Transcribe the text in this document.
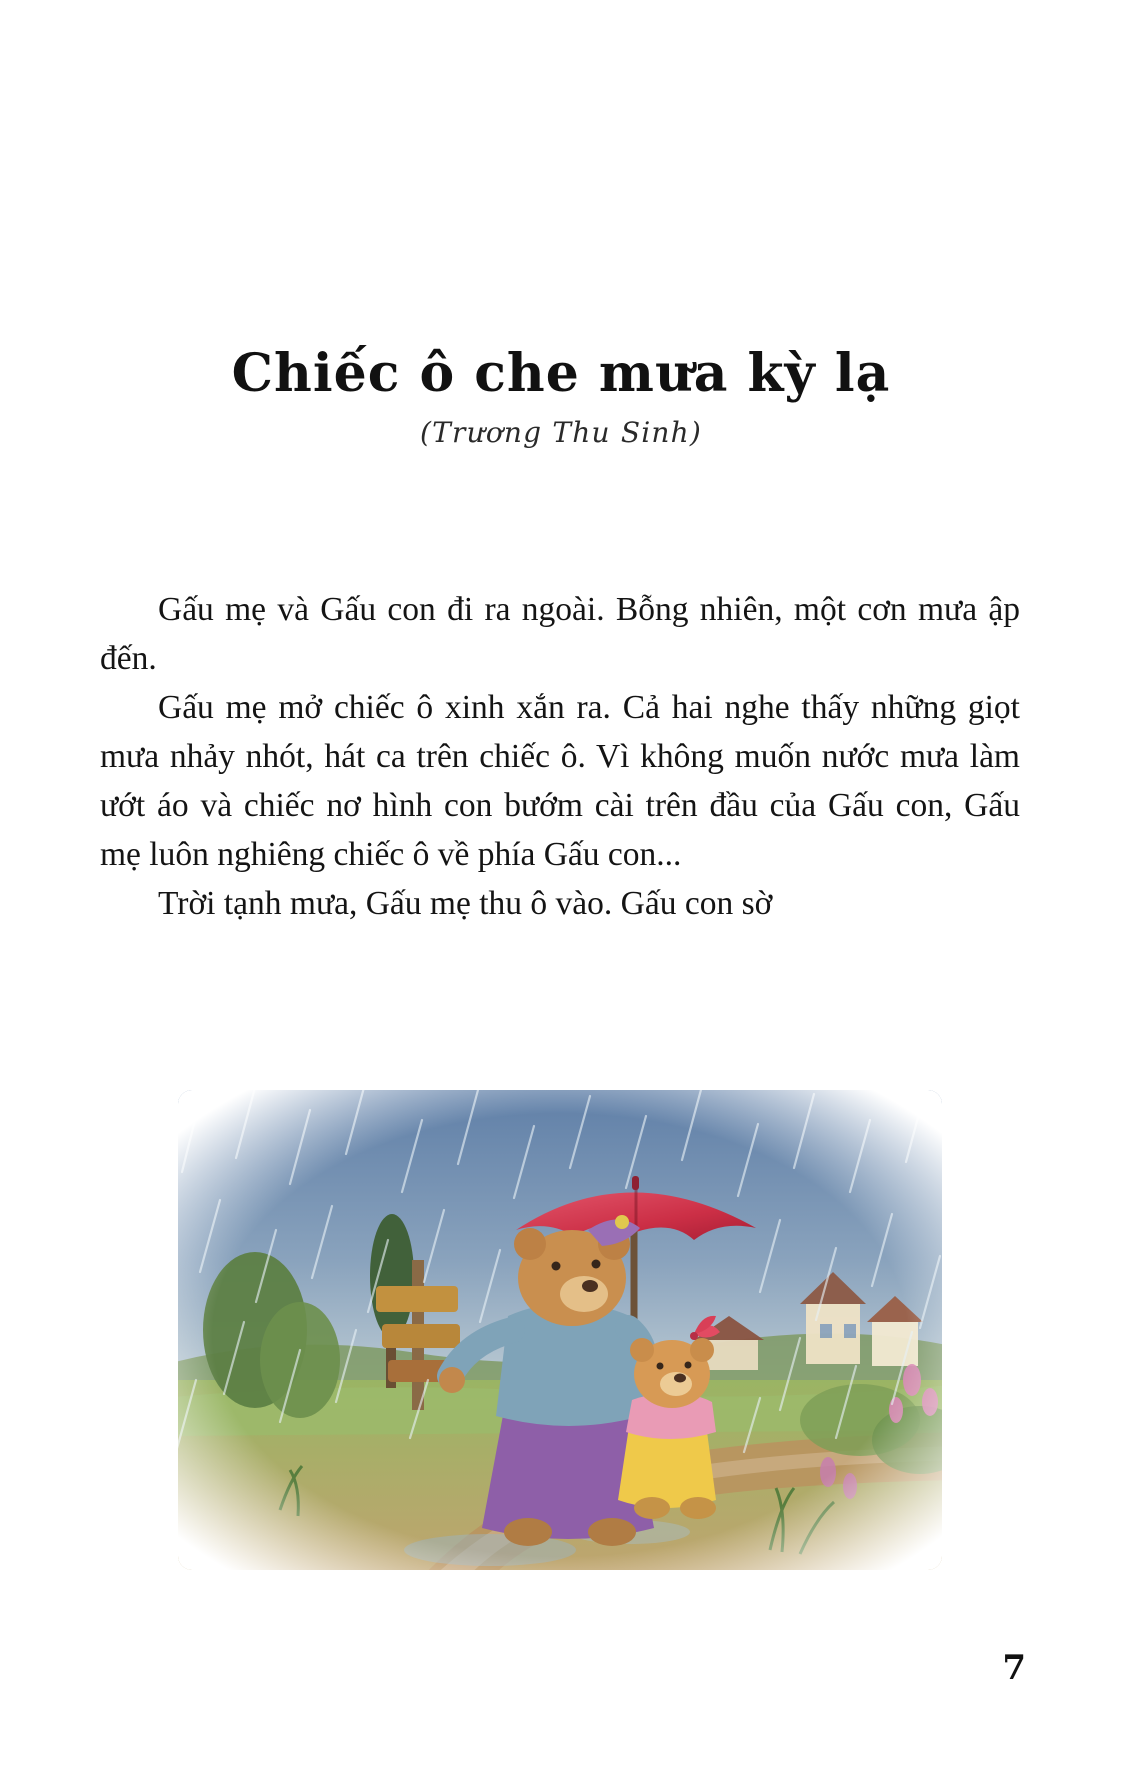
Chiếc ô che mưa kỳ lạ
(Trương Thu Sinh)

Gấu mẹ và Gấu con đi ra ngoài. Bỗng nhiên, một cơn mưa ập đến.

Gấu mẹ mở chiếc ô xinh xắn ra. Cả hai nghe thấy những giọt mưa nhảy nhót, hát ca trên chiếc ô. Vì không muốn nước mưa làm ướt áo và chiếc nơ hình con bướm cài trên đầu của Gấu con, Gấu mẹ luôn nghiêng chiếc ô về phía Gấu con...

Trời tạnh mưa, Gấu mẹ thu ô vào. Gấu con sờ

7
